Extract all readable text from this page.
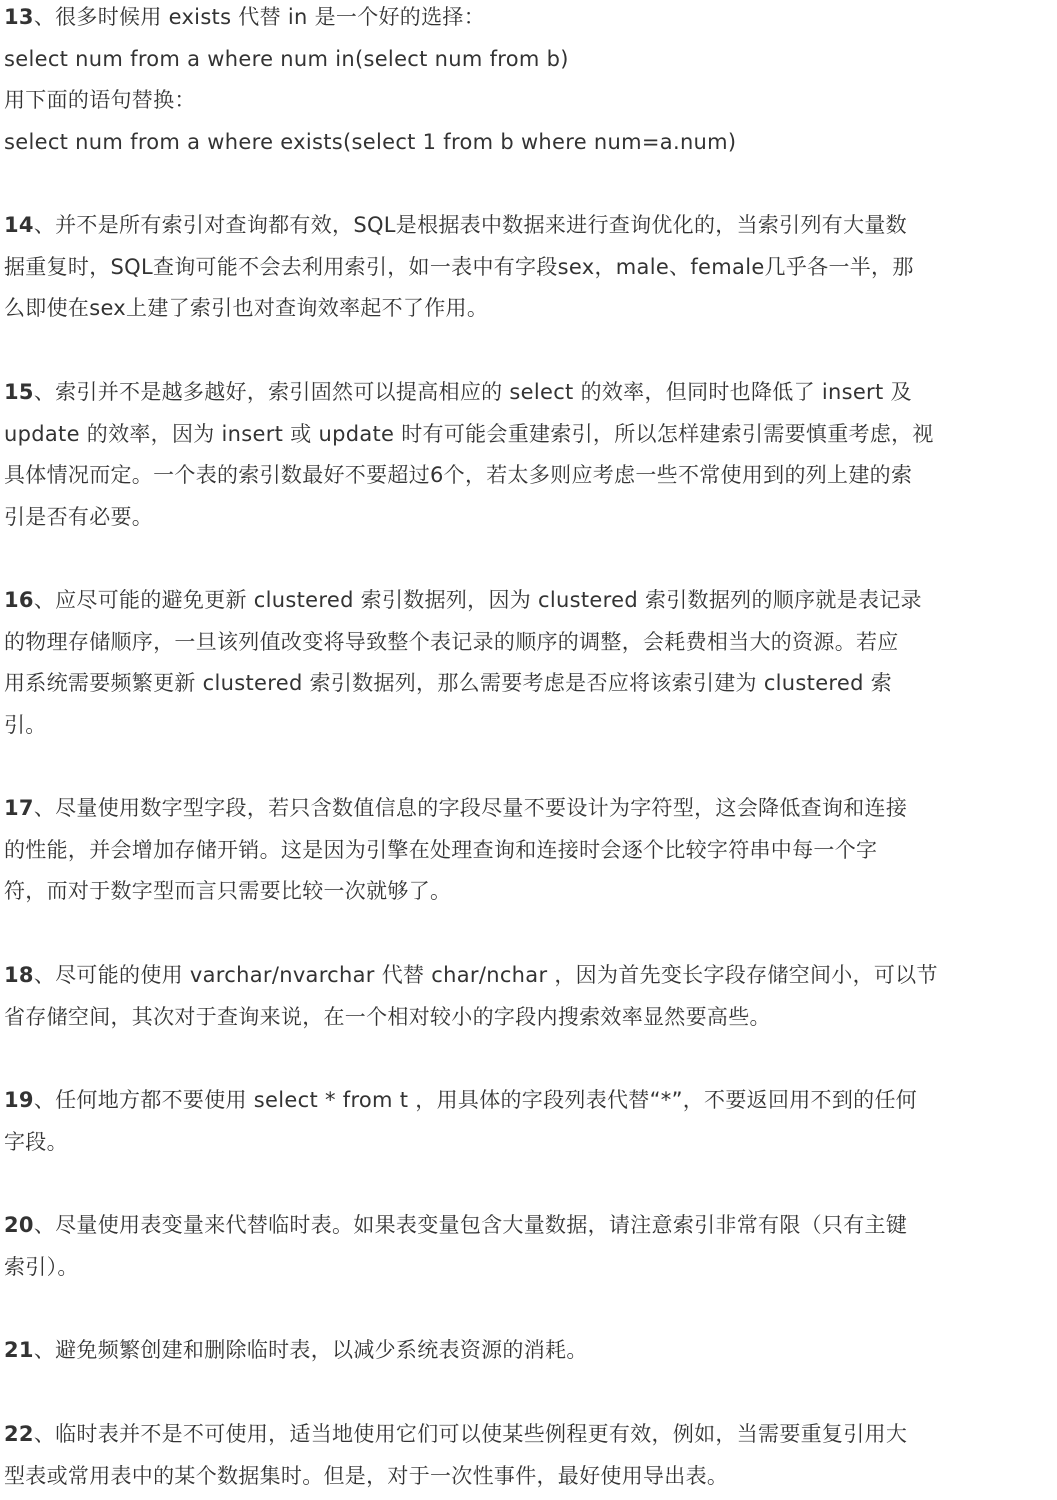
13、很多时候用 exists 代替 in 是一个好的选择：
select num from a where num in(select num from b)
用下面的语句替换：
select num from a where exists(select 1 from b where num=a.num)
14、并不是所有索引对查询都有效，SQL是根据表中数据来进行查询优化的，当索引列有大量数
据重复时，SQL查询可能不会去利用索引，如一表中有字段sex，male、female几乎各一半，那
么即使在sex上建了索引也对查询效率起不了作用。
15、索引并不是越多越好，索引固然可以提高相应的 select 的效率，但同时也降低了 insert 及
update 的效率，因为 insert 或 update 时有可能会重建索引，所以怎样建索引需要慎重考虑，视
具体情况而定。一个表的索引数最好不要超过6个，若太多则应考虑一些不常使用到的列上建的索
引是否有必要。
16、应尽可能的避免更新 clustered 索引数据列，因为 clustered 索引数据列的顺序就是表记录
的物理存储顺序，一旦该列值改变将导致整个表记录的顺序的调整，会耗费相当大的资源。若应
用系统需要频繁更新 clustered 索引数据列，那么需要考虑是否应将该索引建为 clustered 索
引。
17、尽量使用数字型字段，若只含数值信息的字段尽量不要设计为字符型，这会降低查询和连接
的性能，并会增加存储开销。这是因为引擎在处理查询和连接时会逐个比较字符串中每一个字
符，而对于数字型而言只需要比较一次就够了。
18、尽可能的使用 varchar/nvarchar 代替 char/nchar ，因为首先变长字段存储空间小，可以节
省存储空间，其次对于查询来说，在一个相对较小的字段内搜索效率显然要高些。
19、任何地方都不要使用 select * from t ，用具体的字段列表代替“*”，不要返回用不到的任何
字段。
20、尽量使用表变量来代替临时表。如果表变量包含大量数据，请注意索引非常有限（只有主键
索引）。
21、避免频繁创建和删除临时表，以减少系统表资源的消耗。
22、临时表并不是不可使用，适当地使用它们可以使某些例程更有效，例如，当需要重复引用大
型表或常用表中的某个数据集时。但是，对于一次性事件，最好使用导出表。
